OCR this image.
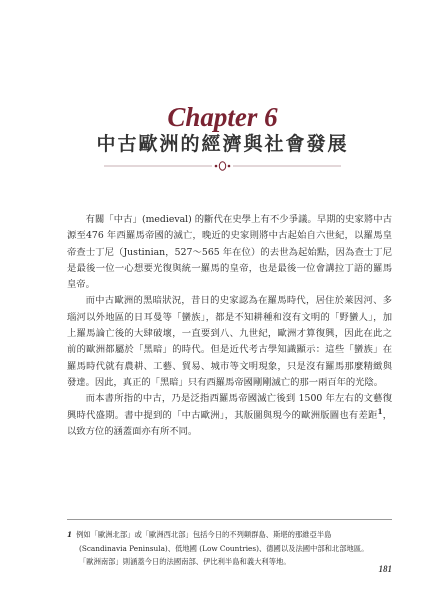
Chapter 6
中古歐洲的經濟與社會發展

有關「中古」(medieval) 的斷代在史學上有不少爭議。早期的史家將中古源至476 年西羅馬帝國的滅亡，晚近的史家則將中古起始自六世紀，以羅馬皇帝查士丁尼（Justinian，527～565 年在位）的去世為起始點，因為查士丁尼是最後一位一心想要光復與統一羅馬的皇帝，也是最後一位會講拉丁語的羅馬皇帝。

而中古歐洲的黑暗狀況，昔日的史家認為在羅馬時代，居住於萊因河、多瑙河以外地區的日耳曼等「蠻族」，都是不知耕種和沒有文明的「野蠻人」，加上羅馬論亡後的大肆破壞，一直要到八、九世紀，歐洲才算復興，因此在此之前的歐洲都屬於「黑暗」的時代。但是近代考古學知識顯示：這些「蠻族」在羅馬時代就有農耕、工藝、貿易、城市等文明現象，只是沒有羅馬那麼精緻與發達。因此，真正的「黑暗」只有西羅馬帝國剛剛滅亡的那一兩百年的光陰。

而本書所指的中古，乃是泛指西羅馬帝國滅亡後到 1500 年左右的文藝復興時代盛期。書中提到的「中古歐洲」，其版圖與現今的歐洲版圖也有差距$^1$，以致方位的涵蓋面亦有所不同。

1 例如「歐洲北部」或「歐洲西北部」包括今日的不列顛群島、斯堪的那維亞半島
(Scandinavia Peninsula)、低地國 (Low Countries)、德國以及法國中部和北部地區。
「歐洲南部」則涵蓋今日的法國南部、伊比利半島和義大利等地。
181
